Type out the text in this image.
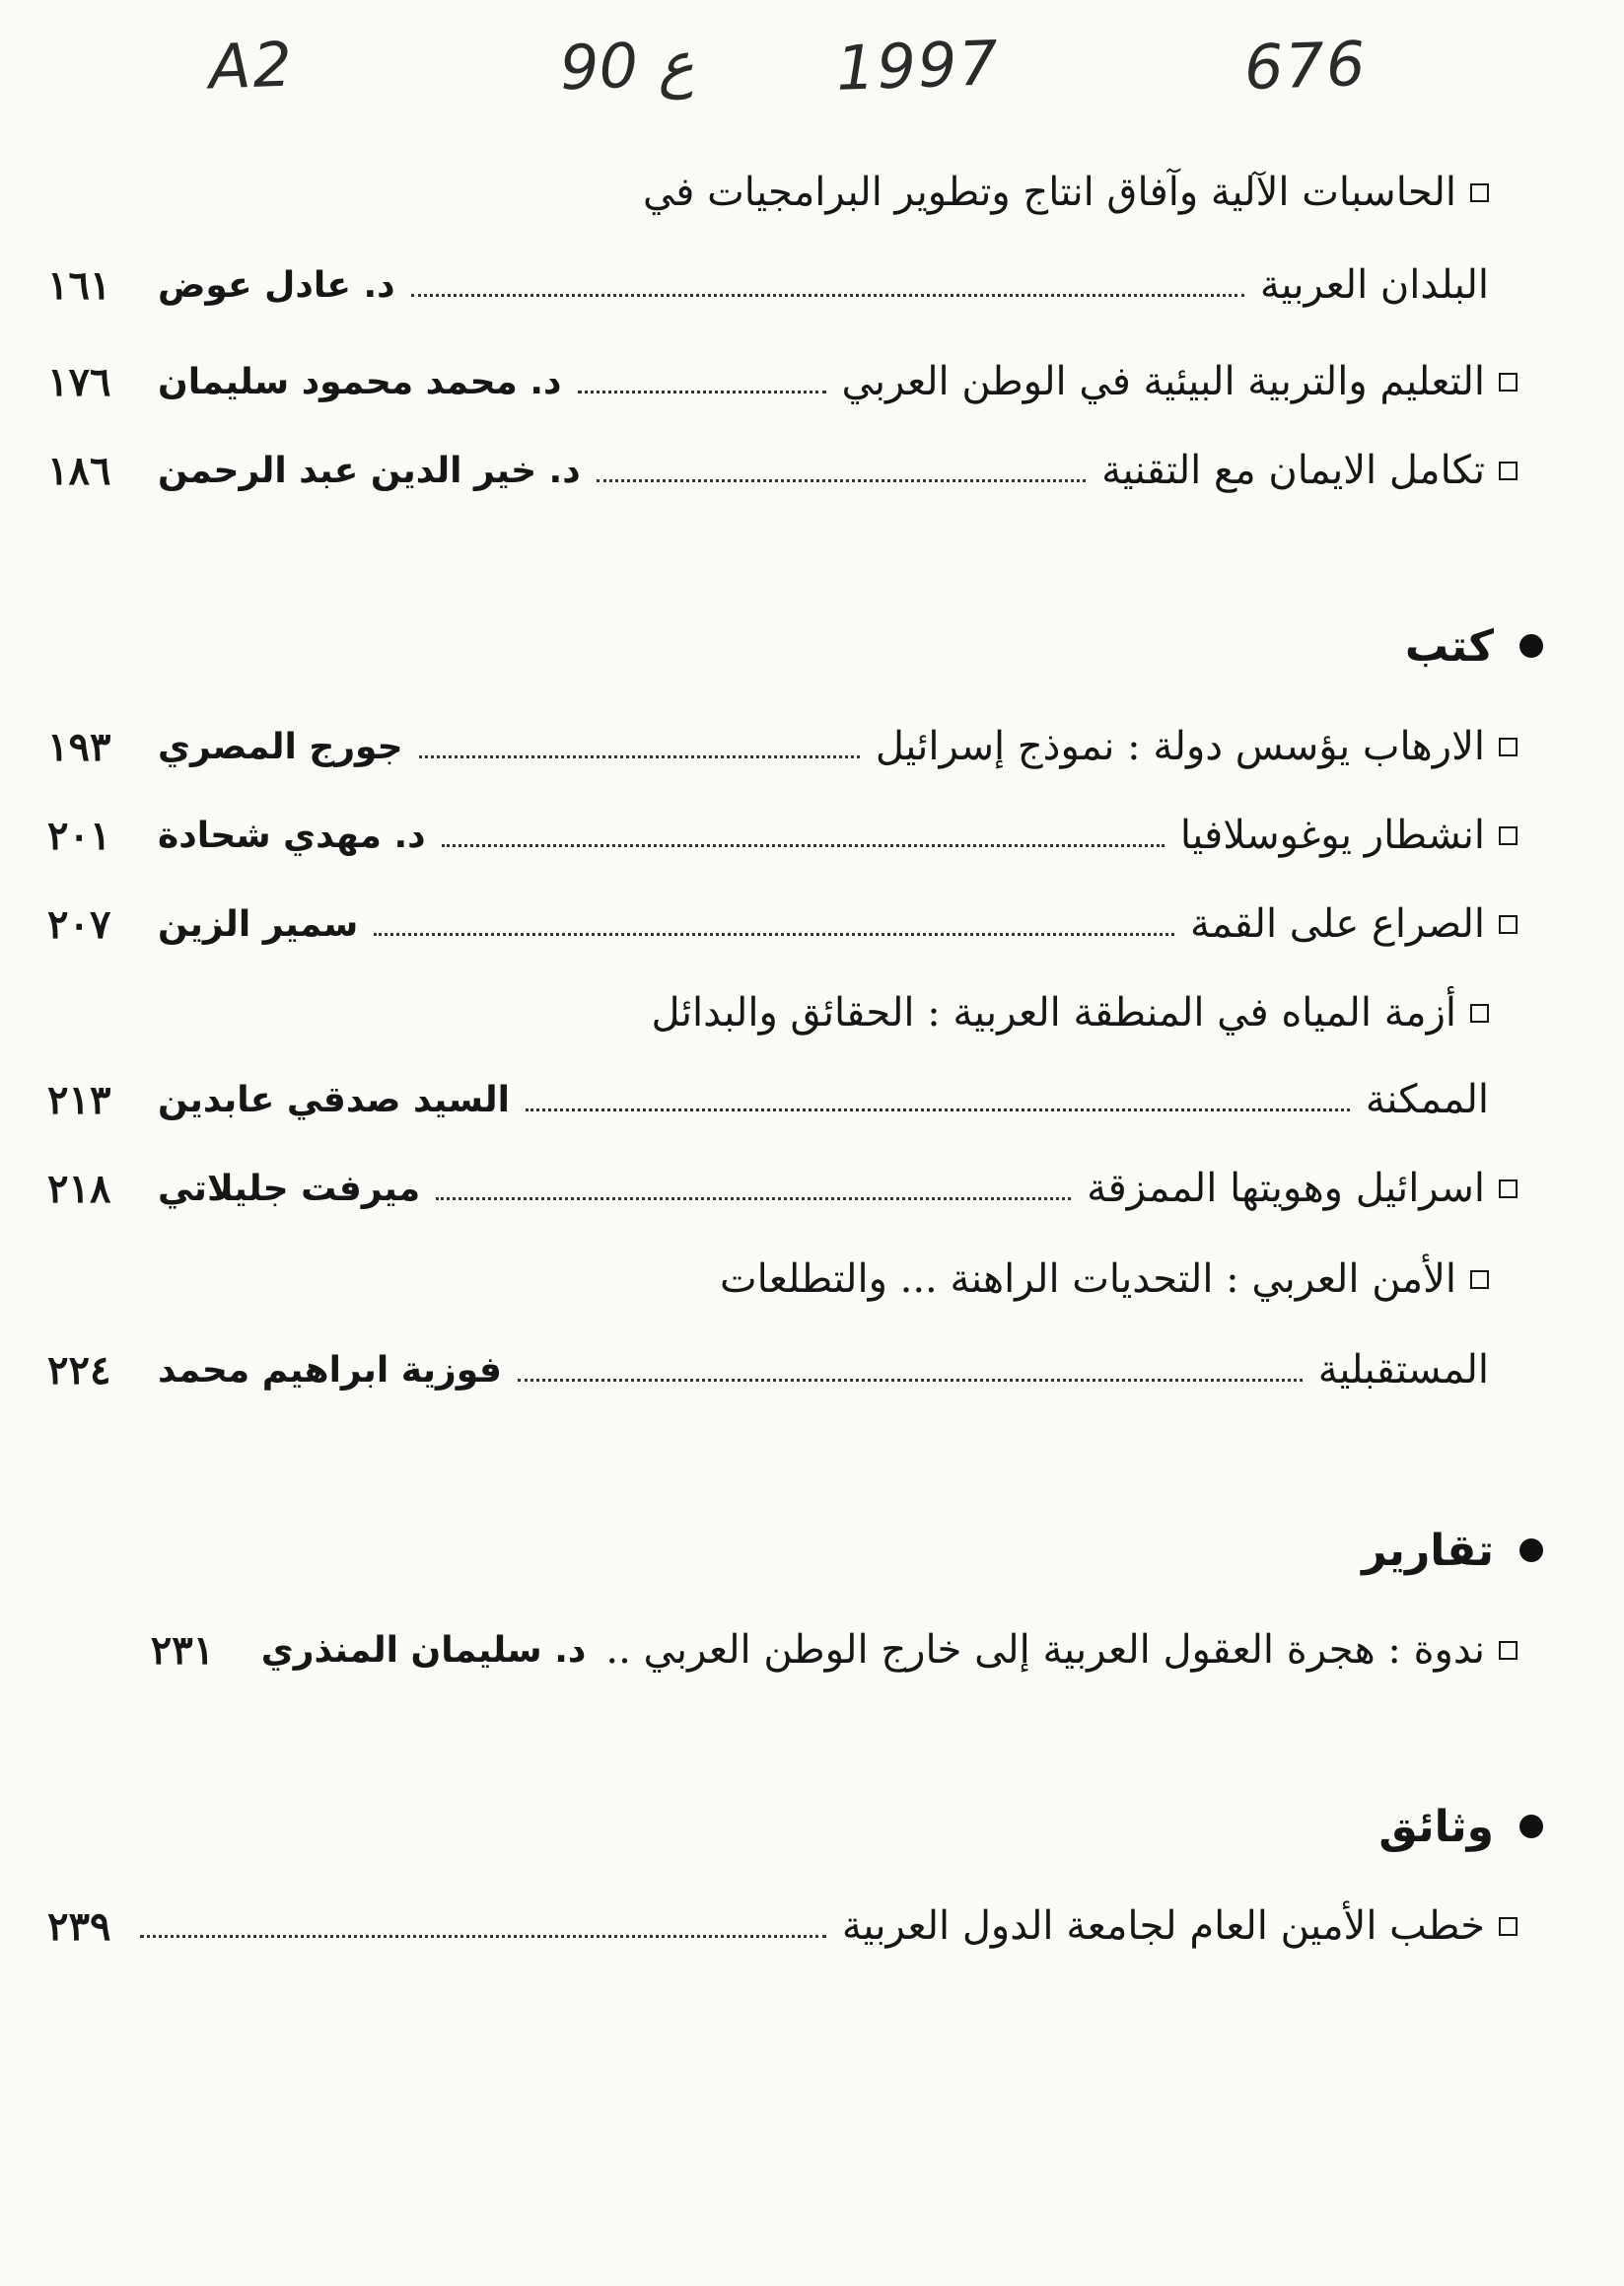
A2	90 ع 1997	676
الحاسبات الآلية وآفاق انتاج وتطوير البرامجيات في
البلدان العربية
د. عادل عوض
١٦١
التعليم والتربية البيئية في الوطن العربي
د. محمد محمود سليمان
١٧٦
تكامل الايمان مع التقنية
د. خير الدين عبد الرحمن
١٨٦
كتب
الارهاب يؤسس دولة : نموذج إسرائيل
جورج المصري
١٩٣
انشطار يوغوسلافيا
د. مهدي شحادة
٢٠١
الصراع على القمة
سمير الزين
٢٠٧
أزمة المياه في المنطقة العربية : الحقائق والبدائل
الممكنة
السيد صدقي عابدين
٢١٣
اسرائيل وهويتها الممزقة
ميرفت جليلاتي
٢١٨
الأمن العربي : التحديات الراهنة ... والتطلعات
المستقبلية
فوزية ابراهيم محمد
٢٢٤
تقارير
ندوة : هجرة العقول العربية إلى خارج الوطن العربي ..
د. سليمان المنذري
٢٣١
وثائق
خطب الأمين العام لجامعة الدول العربية
٢٣٩
